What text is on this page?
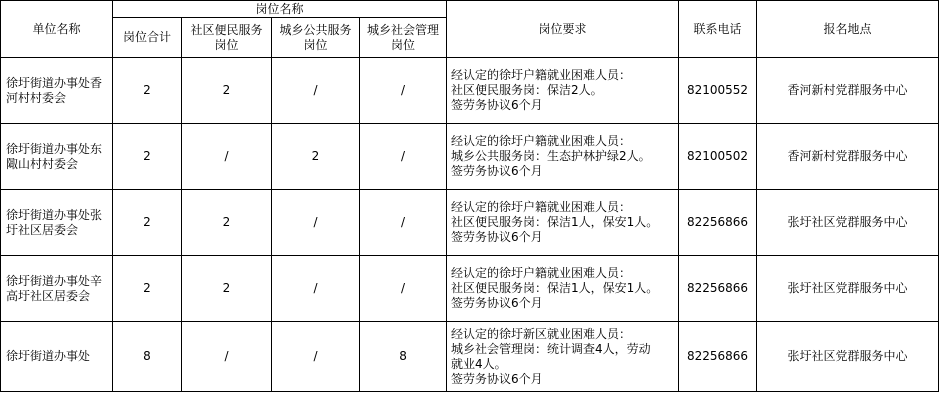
单位名称	岗位名称				岗位要求	联系电话	报名地点
	岗位合计	社区便民服务岗位	城乡公共服务岗位	城乡社会管理岗位			
徐圩街道办事处香河村村委会	2	2	/	/	经认定的徐圩户籍就业困难人员：
社区便民服务岗：保洁2人。
签劳务协议6个月	82100552	香河新村党群服务中心
徐圩街道办事处东陬山村村委会	2	/	2	/	经认定的徐圩户籍就业困难人员：
城乡公共服务岗：生态护林护绿2人。
签劳务协议6个月	82100502	香河新村党群服务中心
徐圩街道办事处张圩社区居委会	2	2	/	/	经认定的徐圩户籍就业困难人员：
社区便民服务岗：保洁1人，保安1人。
签劳务协议6个月	82256866	张圩社区党群服务中心
徐圩街道办事处辛高圩社区居委会	2	2	/	/	经认定的徐圩户籍就业困难人员：
社区便民服务岗：保洁1人，保安1人。
签劳务协议6个月	82256866	张圩社区党群服务中心
徐圩街道办事处	8	/	/	8	经认定的徐圩新区就业困难人员：
城乡社会管理岗：统计调查4人，劳动
就业4人。
签劳务协议6个月	82256866	张圩社区党群服务中心
